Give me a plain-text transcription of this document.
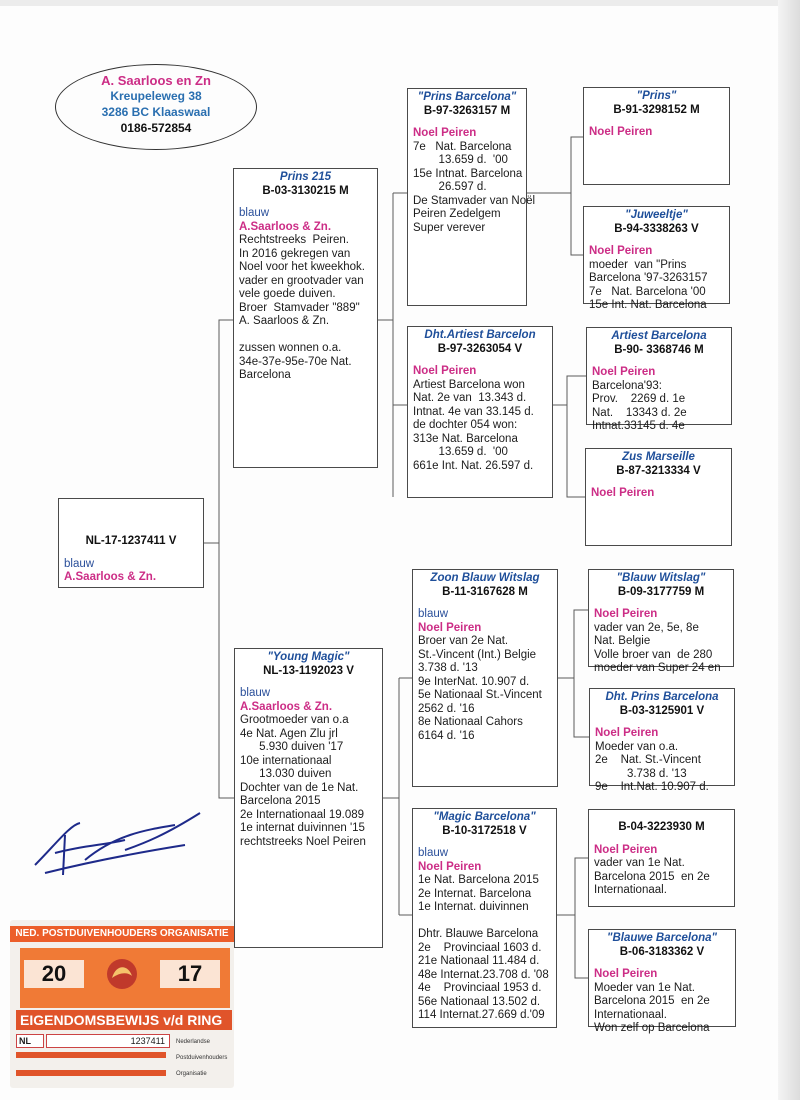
A. Saarloos en Zn
Kreupeleweg 38
3286 BC Klaaswaal
0186-572854
NL-17-1237411 V
blauw
A.Saarloos & Zn.
Prins 215
B-03-3130215 M
blauw
A.Saarloos & Zn.
Rechtstreeks  Peiren.
In 2016 gekregen van
Noel voor het kweekhok.
vader en grootvader van
vele goede duiven.
Broer  Stamvader "889"
A. Saarloos & Zn.

zussen wonnen o.a.
34e-37e-95e-70e Nat.
Barcelona
"Young Magic"
NL-13-1192023 V
blauw
A.Saarloos & Zn.
Grootmoeder van o.a
4e Nat. Agen Zlu jrl
5.930 duiven '17
10e internationaal
13.030 duiven
Dochter van de 1e Nat.
Barcelona 2015
2e Internationaal 19.089
1e internat duivinnen '15
rechtstreeks Noel Peiren
"Prins Barcelona"
B-97-3263157 M
Noel Peiren
7e   Nat. Barcelona
13.659 d.  '00
15e Intnat. Barcelona
26.597 d.
De Stamvader van Noël
Peiren Zedelgem
Super verever
Dht.Artiest Barcelon
B-97-3263054 V
Noel Peiren
Artiest Barcelona won
Nat. 2e van  13.343 d.
Intnat. 4e van 33.145 d.
de dochter 054 won:
313e Nat. Barcelona
13.659 d.  '00
661e Int. Nat. 26.597 d.
Zoon Blauw Witslag
B-11-3167628 M
blauw
Noel Peiren
Broer van 2e Nat.
St.-Vincent (Int.) Belgie
3.738 d. '13
9e InterNat. 10.907 d.
5e Nationaal St.-Vincent
2562 d. '16
8e Nationaal Cahors
6164 d. '16
"Magic Barcelona"
B-10-3172518 V
blauw
Noel Peiren
1e Nat. Barcelona 2015
2e Internat. Barcelona
1e Internat. duivinnen

Dhtr. Blauwe Barcelona
2e    Provinciaal 1603 d.
21e Nationaal 11.484 d.
48e Internat.23.708 d. '08
4e    Provinciaal 1953 d.
56e Nationaal 13.502 d.
114 Internat.27.669 d.'09
"Prins"
B-91-3298152 M
Noel Peiren
"Juweeltje"
B-94-3338263 V
Noel Peiren
moeder  van "Prins
Barcelona '97-3263157
7e   Nat. Barcelona '00
15e Int. Nat. Barcelona
Artiest Barcelona
B-90- 3368746 M
Noel Peiren
Barcelona'93:
Prov.    2269 d. 1e
Nat.    13343 d. 2e
Intnat.33145 d. 4e
Zus Marseille
B-87-3213334 V
Noel Peiren
"Blauw Witslag"
B-09-3177759 M
Noel Peiren
vader van 2e, 5e, 8e
Nat. Belgie
Volle broer van  de 280
moeder van Super 24 en
Dht. Prins Barcelona
B-03-3125901 V
Noel Peiren
Moeder van o.a.
2e    Nat. St.-Vincent
3.738 d. '13
9e    Int.Nat. 10.907 d.
B-04-3223930 M
Noel Peiren
vader van 1e Nat.
Barcelona 2015  en 2e
Internationaal.
"Blauwe Barcelona"
B-06-3183362 V
Noel Peiren
Moeder van 1e Nat.
Barcelona 2015  en 2e
Internationaal.
Won zelf op Barcelona
NED. POSTDUIVENHOUDERS ORGANISATIE
20	17
EIGENDOMSBEWIJS v/d RING
NL	1237411	Nederlandse
Postduivenhouders
Organisatie
